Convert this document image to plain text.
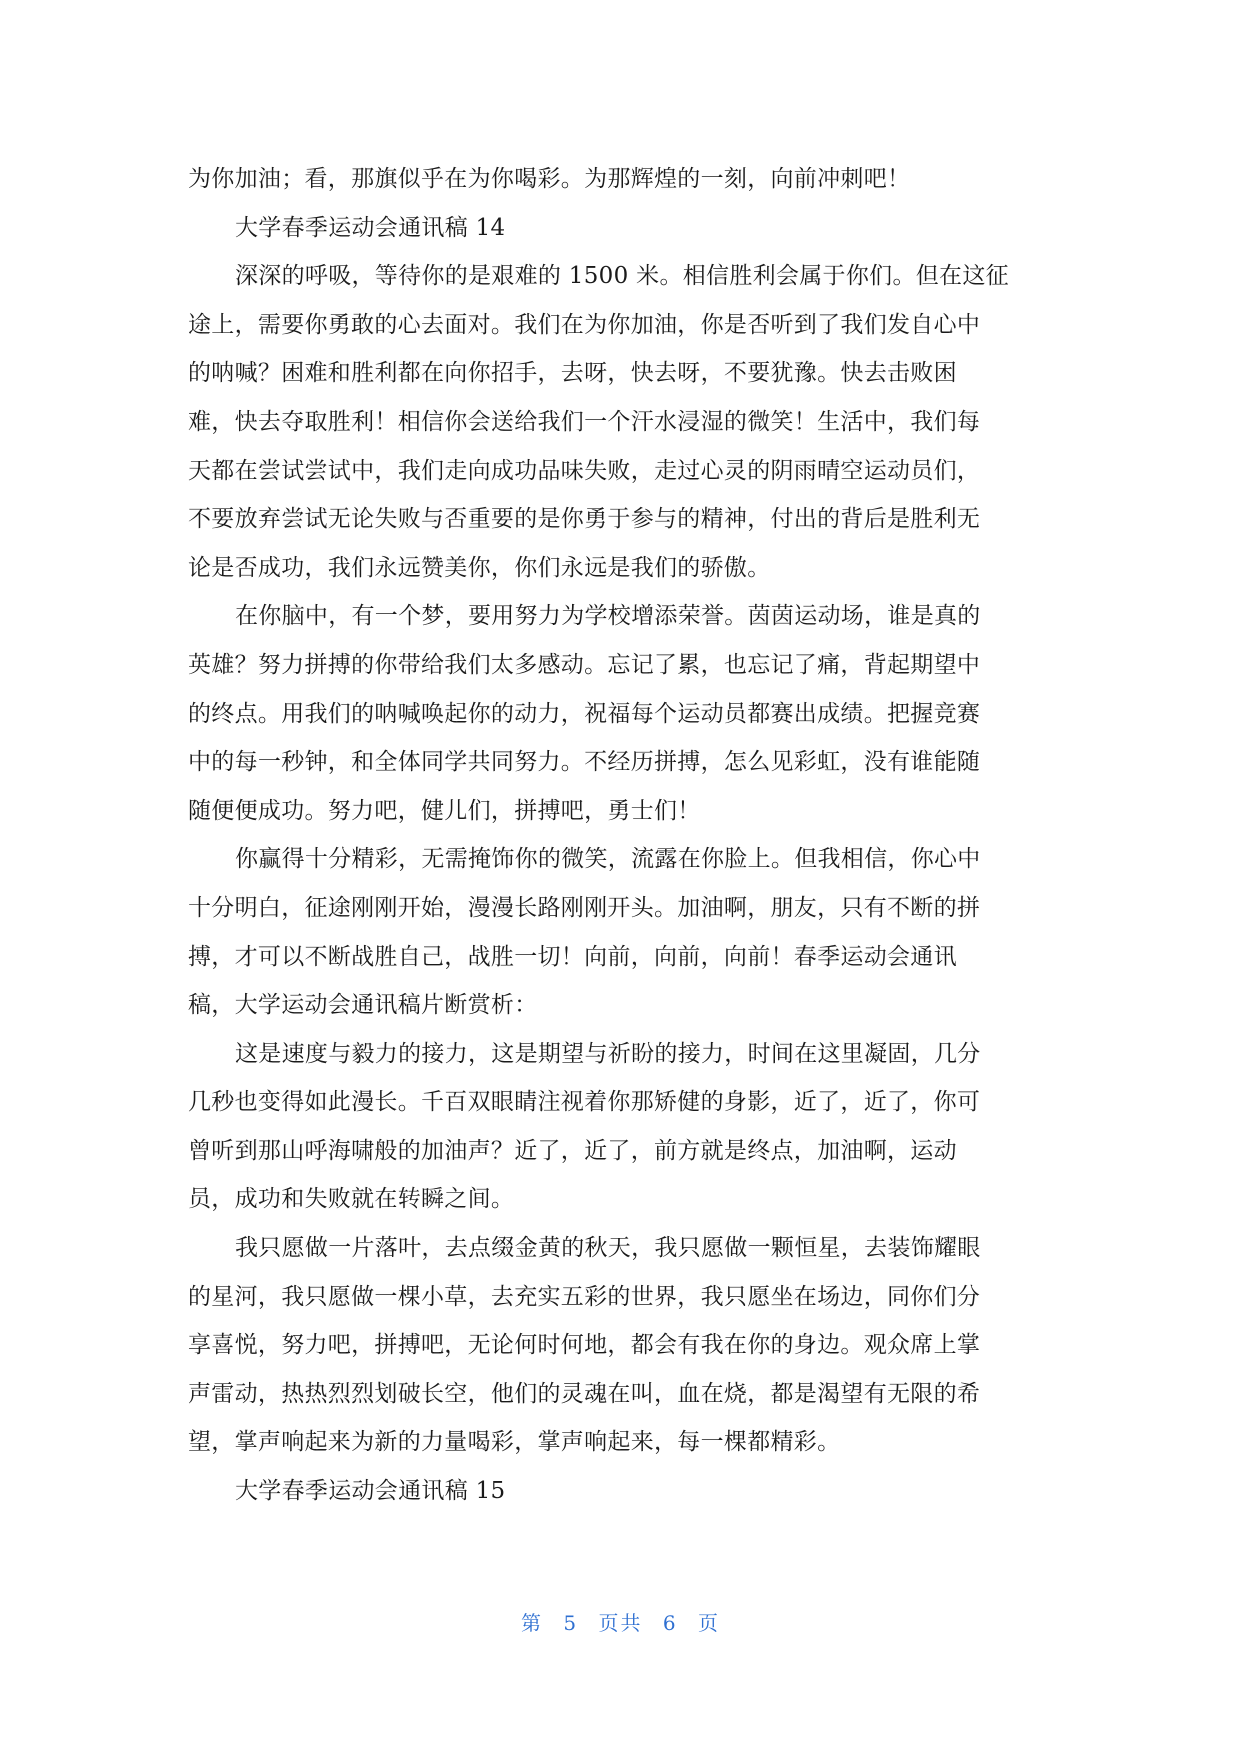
为你加油；看，那旗似乎在为你喝彩。为那辉煌的一刻，向前冲刺吧！
大学春季运动会通讯稿 14
深深的呼吸，等待你的是艰难的 1500 米。相信胜利会属于你们。但在这征
途上，需要你勇敢的心去面对。我们在为你加油，你是否听到了我们发自心中
的呐喊？困难和胜利都在向你招手，去呀，快去呀，不要犹豫。快去击败困
难，快去夺取胜利！相信你会送给我们一个汗水浸湿的微笑！生活中，我们每
天都在尝试尝试中，我们走向成功品味失败，走过心灵的阴雨晴空运动员们，
不要放弃尝试无论失败与否重要的是你勇于参与的精神，付出的背后是胜利无
论是否成功，我们永远赞美你，你们永远是我们的骄傲。
在你脑中，有一个梦，要用努力为学校增添荣誉。茵茵运动场，谁是真的
英雄？努力拼搏的你带给我们太多感动。忘记了累，也忘记了痛，背起期望中
的终点。用我们的呐喊唤起你的动力，祝福每个运动员都赛出成绩。把握竞赛
中的每一秒钟，和全体同学共同努力。不经历拼搏，怎么见彩虹，没有谁能随
随便便成功。努力吧，健儿们，拼搏吧，勇士们！
你赢得十分精彩，无需掩饰你的微笑，流露在你脸上。但我相信，你心中
十分明白，征途刚刚开始，漫漫长路刚刚开头。加油啊，朋友，只有不断的拼
搏，才可以不断战胜自己，战胜一切！向前，向前，向前！春季运动会通讯
稿，大学运动会通讯稿片断赏析：
这是速度与毅力的接力，这是期望与祈盼的接力，时间在这里凝固，几分
几秒也变得如此漫长。千百双眼睛注视着你那矫健的身影，近了，近了，你可
曾听到那山呼海啸般的加油声？近了，近了，前方就是终点，加油啊，运动
员，成功和失败就在转瞬之间。
我只愿做一片落叶，去点缀金黄的秋天，我只愿做一颗恒星，去装饰耀眼
的星河，我只愿做一棵小草，去充实五彩的世界，我只愿坐在场边，同你们分
享喜悦，努力吧，拼搏吧，无论何时何地，都会有我在你的身边。观众席上掌
声雷动，热热烈烈划破长空，他们的灵魂在叫，血在烧，都是渴望有无限的希
望，掌声响起来为新的力量喝彩，掌声响起来，每一棵都精彩。
大学春季运动会通讯稿 15
第 5 页共 6 页
